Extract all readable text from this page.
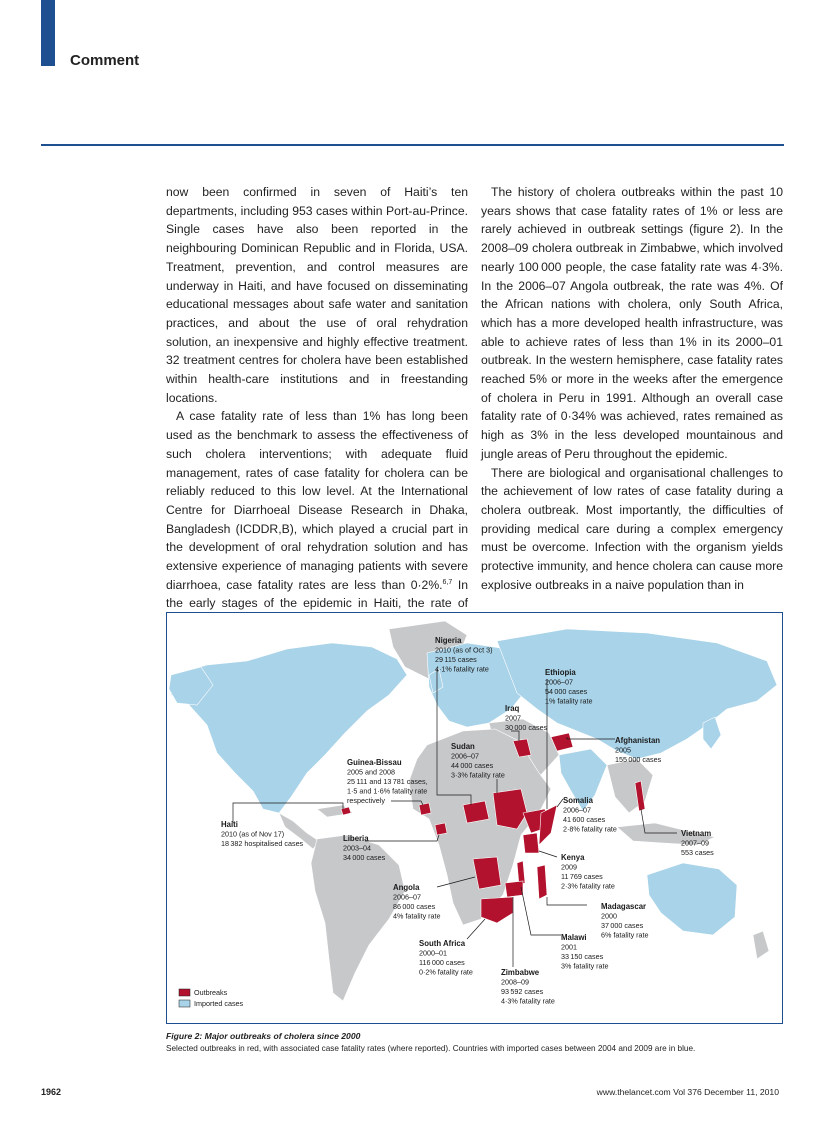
Comment

now been confirmed in seven of Haiti’s ten departments, including 953 cases within Port-au-Prince. Single cases have also been reported in the neighbouring Dominican Republic and in Florida, USA. Treatment, prevention, and control measures are underway in Haiti, and have focused on disseminating educational messages about safe water and sanitation practices, and about the use of oral rehydration solution, an inexpensive and highly effective treatment. 32 treatment centres for cholera have been established within health-care institutions and in freestanding locations.

A case fatality rate of less than 1% has long been used as the benchmark to assess the effectiveness of such cholera interventions; with adequate fluid management, rates of case fatality for cholera can be reliably reduced to this low level. At the International Centre for Diarrhoeal Disease Research in Dhaka, Bangladesh (ICDDR,B), which played a crucial part in the development of oral rehydration solution and has extensive experience of managing patients with severe diarrhoea, case fatality rates are less than 0·2%.$^{6,7}$ In the early stages of the epidemic in Haiti, the rate of

The history of cholera outbreaks within the past 10 years shows that case fatality rates of 1% or less are rarely achieved in outbreak settings (figure 2). In the 2008–09 cholera outbreak in Zimbabwe, which involved nearly 100 000 people, the case fatality rate was 4·3%. In the 2006–07 Angola outbreak, the rate was 4%. Of the African nations with cholera, only South Africa, which has a more developed health infrastructure, was able to achieve rates of less than 1% in its 2000–01 outbreak. In the western hemisphere, case fatality rates reached 5% or more in the weeks after the emergence of cholera in Peru in 1991. Although an overall case fatality rate of 0·34% was achieved, rates remained as high as 3% in the less developed mountainous and jungle areas of Peru throughout the epidemic.

There are biological and organisational challenges to the achievement of low rates of case fatality during a cholera outbreak. Most importantly, the difficulties of providing medical care during a complex emergency must be overcome. Infection with the organism yields protective immunity, and hence cholera can cause more explosive outbreaks in a naive population than in

Nigeria 2010 (as of Oct 3) 29 115 cases 4·1% fatality rate	Ethiopia 2006–07 54 000 cases 1% fatality rate
Iraq 2007 30 000 cases
Afghanistan 2005 155 000 cases
Sudan 2006–07 44 000 cases 3·3% fatality rate
Guinea-Bissau 2005 and 2008 25 111 and 13 781 cases, 1·5 and 1·6% fatality rate respectively
Haiti 2010 (as of Nov 17) 18 382 hospitalised cases
Liberia 2003–04 34 000 cases
Somalia 2006–07 41 600 cases 2·8% fatality rate	Vietnam 2007–09 553 cases
Kenya 2009 11 769 cases 2·3% fatality rate
Angola 2006–07 86 000 cases 4% fatality rate
Madagascar 2000 37 000 cases 6% fatality rate
South Africa 2000–01 116 000 cases 0·2% fatality rate
Malawi 2001 33 150 cases 3% fatality rate
Zimbabwe 2008–09 93 592 cases 4·3% fatality rate
Outbreaks
Imported cases
Figure 2: Major outbreaks of cholera since 2000
Selected outbreaks in red, with associated case fatality rates (where reported). Countries with imported cases between 2004 and 2009 are in blue.
1962	www.thelancet.com Vol 376 December 11, 2010
